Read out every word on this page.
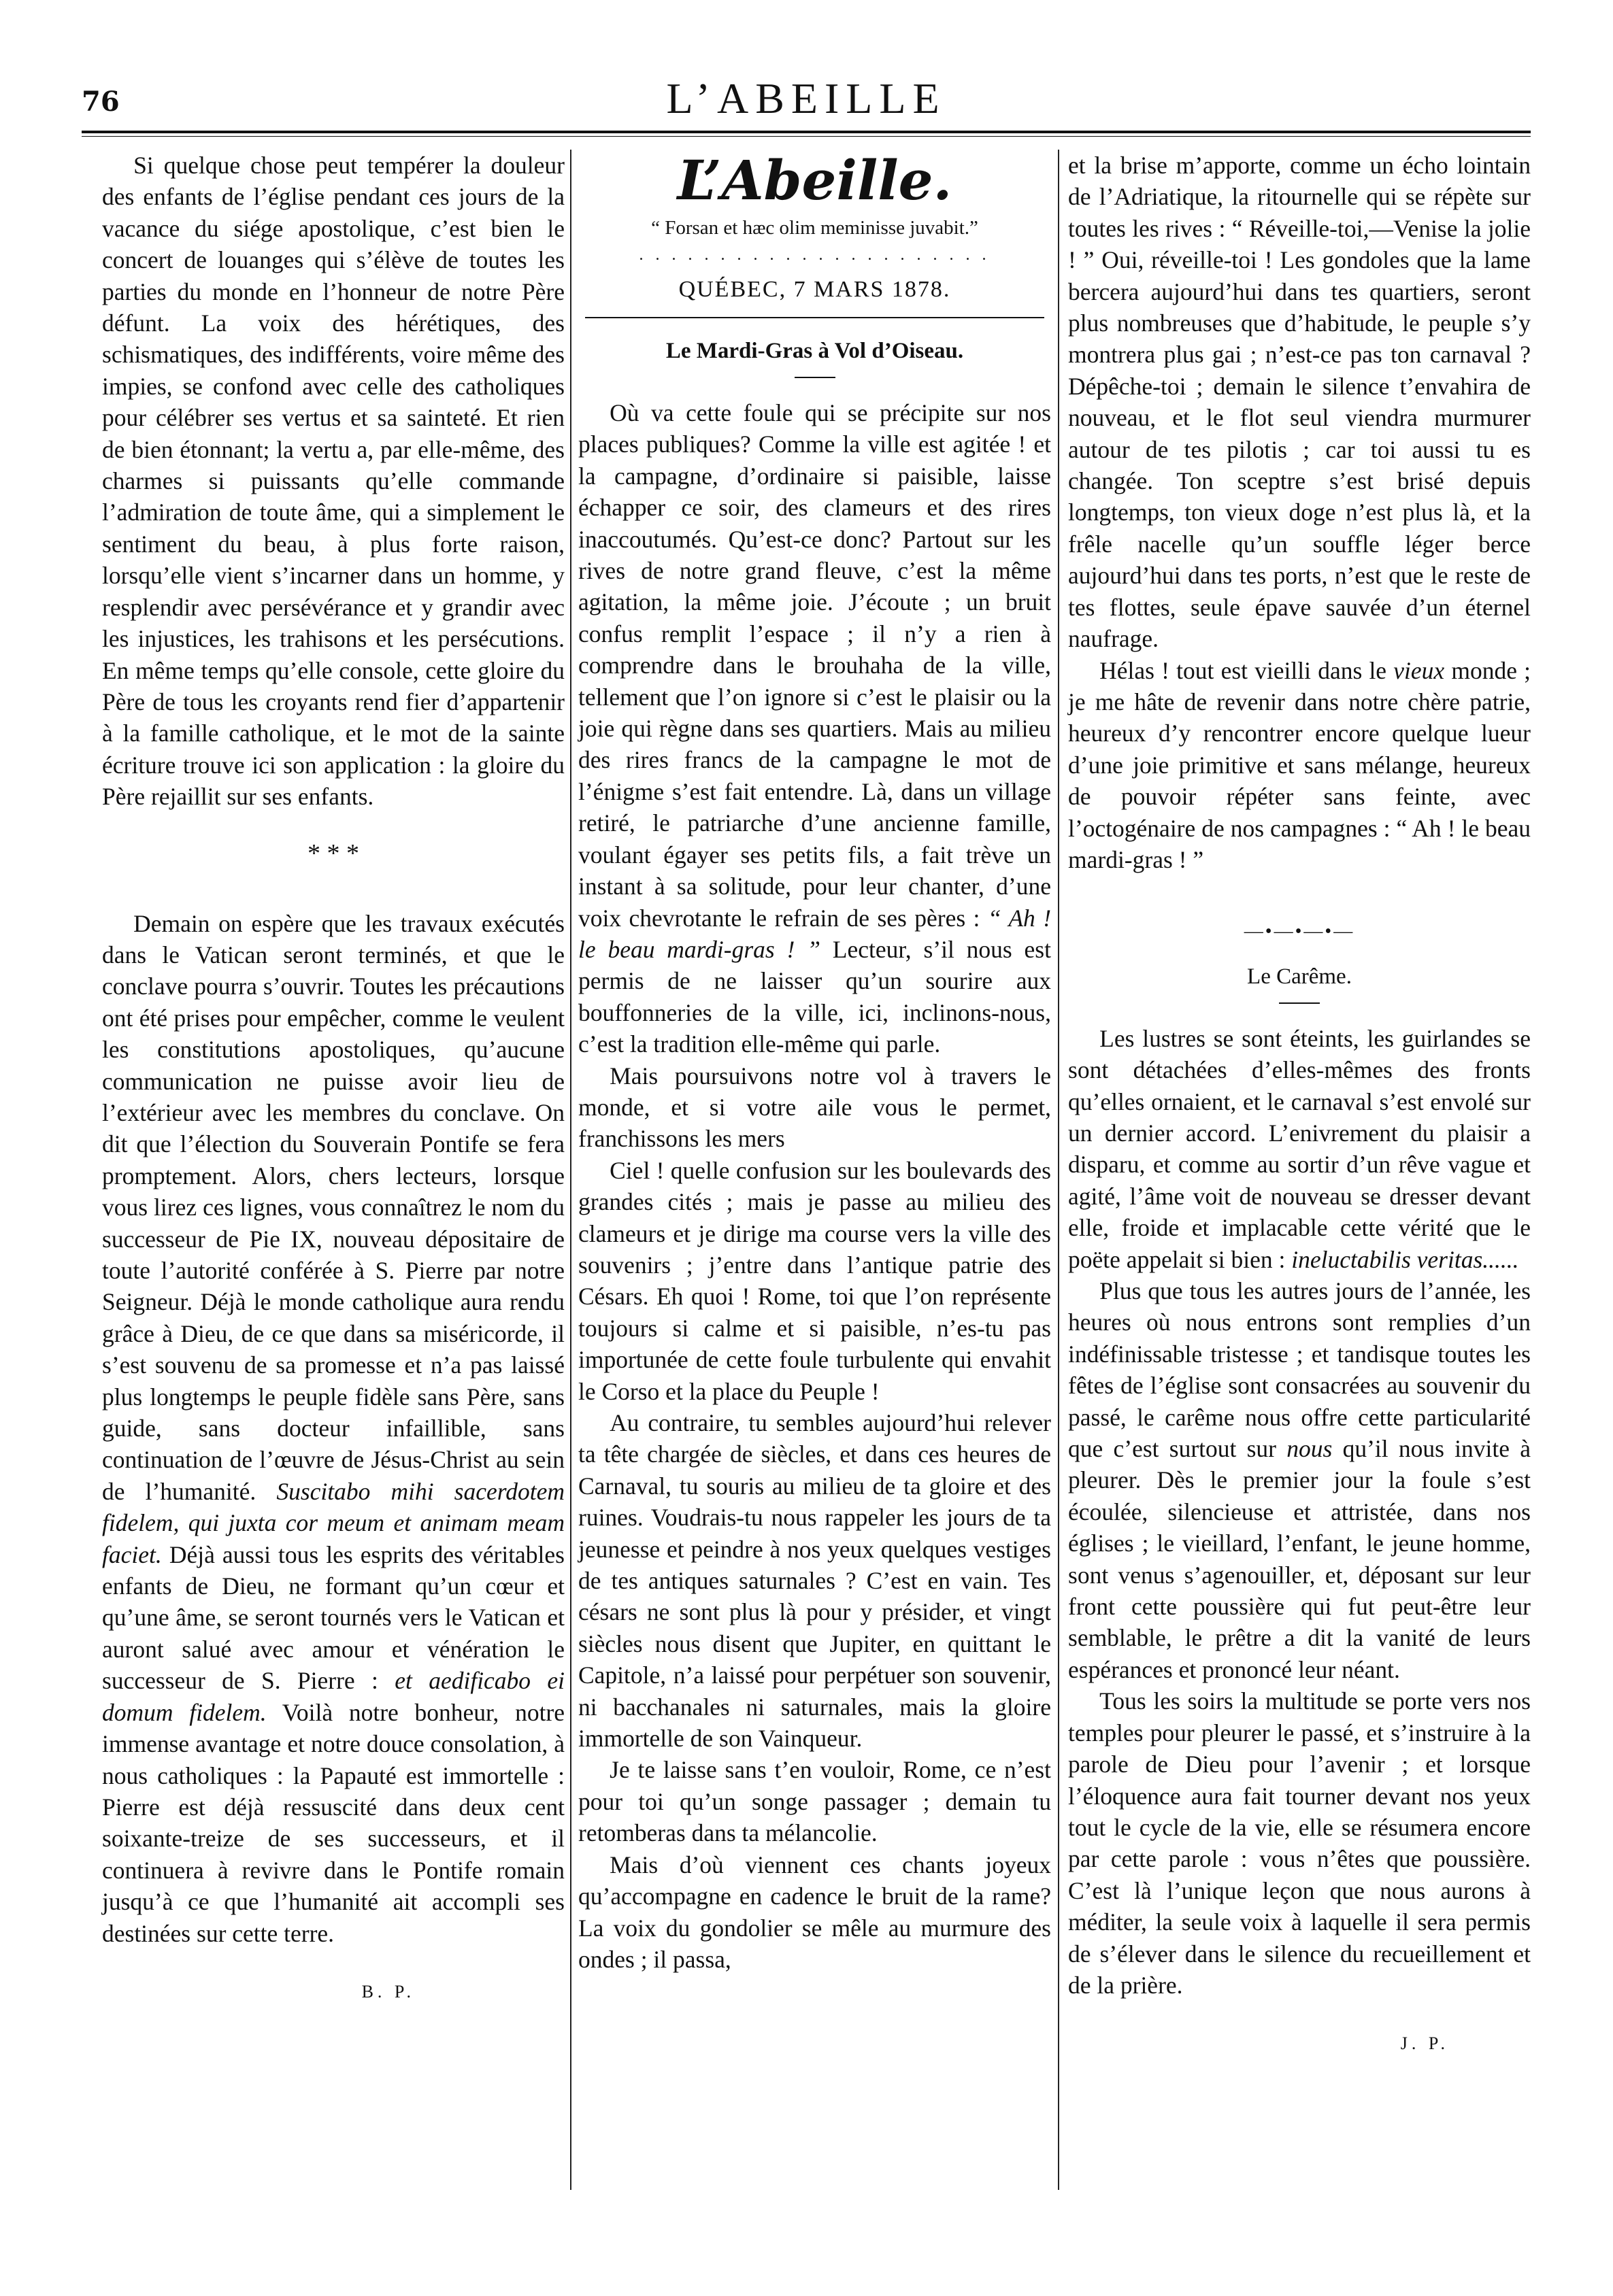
76	L’ABEILLE

Si quelque chose peut tempérer la douleur des enfants de l’église pendant ces jours de la vacance du siége apostolique, c’est bien le concert de louanges qui s’élève de toutes les parties du monde en l’honneur de notre Père défunt. La voix des hérétiques, des schismatiques, des indifférents, voire même des impies, se confond avec celle des catholiques pour célébrer ses vertus et sa sainteté. Et rien de bien étonnant; la vertu a, par elle-même, des charmes si puissants qu’elle commande l’admiration de toute âme, qui a simplement le sentiment du beau, à plus forte raison, lorsqu’elle vient s’incarner dans un homme, y resplendir avec persévérance et y grandir avec les injustices, les trahisons et les persécutions. En même temps qu’elle console, cette gloire du Père de tous les croyants rend fier d’appartenir à la famille catholique, et le mot de la sainte écriture trouve ici son application : la gloire du Père rejaillit sur ses enfants.

* * *

Demain on espère que les travaux exécutés dans le Vatican seront terminés, et que le conclave pourra s’ouvrir. Toutes les précautions ont été prises pour empêcher, comme le veulent les constitutions apostoliques, qu’aucune communication ne puisse avoir lieu de l’extérieur avec les membres du conclave. On dit que l’élection du Souverain Pontife se fera promptement. Alors, chers lecteurs, lorsque vous lirez ces lignes, vous connaîtrez le nom du successeur de Pie IX, nouveau dépositaire de toute l’autorité conférée à S. Pierre par notre Seigneur. Déjà le monde catholique aura rendu grâce à Dieu, de ce que dans sa miséricorde, il s’est souvenu de sa promesse et n’a pas laissé plus longtemps le peuple fidèle sans Père, sans guide, sans docteur infaillible, sans continuation de l’œuvre de Jésus-Christ au sein de l’humanité. Suscitabo mihi sacerdotem fidelem, qui juxta cor meum et animam meam faciet. Déjà aussi tous les esprits des véritables enfants de Dieu, ne formant qu’un cœur et qu’une âme, se seront tournés vers le Vatican et auront salué avec amour et vénération le successeur de S. Pierre : et aedificabo ei domum fidelem. Voilà notre bonheur, notre immense avantage et notre douce consolation, à nous catholiques : la Papauté est immortelle : Pierre est déjà ressuscité dans deux cent soixante-treize de ses successeurs, et il continuera à revivre dans le Pontife romain jusqu’à ce que l’humanité ait accompli ses destinées sur cette terre.

B. P.
L’Abeille.
“ Forsan et hæc olim meminisse juvabit.”
. . . . . . . . . . . . . . . . . . . . . .
QUÉBEC, 7 MARS 1878.
Le Mardi-Gras à Vol d’Oiseau.

Où va cette foule qui se précipite sur nos places publiques? Comme la ville est agitée ! et la campagne, d’ordinaire si paisible, laisse échapper ce soir, des clameurs et des rires inaccoutumés. Qu’est-ce donc? Partout sur les rives de notre grand fleuve, c’est la même agitation, la même joie. J’écoute ; un bruit confus remplit l’espace ; il n’y a rien à comprendre dans le brouhaha de la ville, tellement que l’on ignore si c’est le plaisir ou la joie qui règne dans ses quartiers. Mais au milieu des rires francs de la campagne le mot de l’énigme s’est fait entendre. Là, dans un village retiré, le patriarche d’une ancienne famille, voulant égayer ses petits fils, a fait trève un instant à sa solitude, pour leur chanter, d’une voix chevrotante le refrain de ses pères : “ Ah ! le beau mardi-gras ! ” Lecteur, s’il nous est permis de ne laisser qu’un sourire aux bouffonneries de la ville, ici, inclinons-nous, c’est la tradition elle-même qui parle.

Mais poursuivons notre vol à travers le monde, et si votre aile vous le permet, franchissons les mers

Ciel ! quelle confusion sur les boulevards des grandes cités ; mais je passe au milieu des clameurs et je dirige ma course vers la ville des souvenirs ; j’entre dans l’antique patrie des Césars. Eh quoi ! Rome, toi que l’on représente toujours si calme et si paisible, n’es-tu pas importunée de cette foule turbulente qui envahit le Corso et la place du Peuple !

Au contraire, tu sembles aujourd’hui relever ta tête chargée de siècles, et dans ces heures de Carnaval, tu souris au milieu de ta gloire et des ruines. Voudrais-tu nous rappeler les jours de ta jeunesse et peindre à nos yeux quelques vestiges de tes antiques saturnales ? C’est en vain. Tes césars ne sont plus là pour y présider, et vingt siècles nous disent que Jupiter, en quittant le Capitole, n’a laissé pour perpétuer son souvenir, ni bacchanales ni saturnales, mais la gloire immortelle de son Vainqueur.

Je te laisse sans t’en vouloir, Rome, ce n’est pour toi qu’un songe passager ; demain tu retomberas dans ta mélancolie.

Mais d’où viennent ces chants joyeux qu’accompagne en cadence le bruit de la rame? La voix du gondolier se mêle au murmure des ondes ; il passa,

et la brise m’apporte, comme un écho lointain de l’Adriatique, la ritournelle qui se répète sur toutes les rives : “ Réveille-toi,—Venise la jolie ! ” Oui, réveille-toi ! Les gondoles que la lame bercera aujourd’hui dans tes quartiers, seront plus nombreuses que d’habitude, le peuple s’y montrera plus gai ; n’est-ce pas ton carnaval ? Dépêche-toi ; demain le silence t’envahira de nouveau, et le flot seul viendra murmurer autour de tes pilotis ; car toi aussi tu es changée. Ton sceptre s’est brisé depuis longtemps, ton vieux doge n’est plus là, et la frêle nacelle qu’un souffle léger berce aujourd’hui dans tes ports, n’est que le reste de tes flottes, seule épave sauvée d’un éternel naufrage.

Hélas ! tout est vieilli dans le vieux monde ; je me hâte de revenir dans notre chère patrie, heureux d’y rencontrer encore quelque lueur d’une joie primitive et sans mélange, heureux de pouvoir répéter sans feinte, avec l’octogénaire de nos campagnes : “ Ah ! le beau mardi-gras ! ”

—•—•—•—
Le Carême.

Les lustres se sont éteints, les guirlandes se sont détachées d’elles-mêmes des fronts qu’elles ornaient, et le carnaval s’est envolé sur un dernier accord. L’enivrement du plaisir a disparu, et comme au sortir d’un rêve vague et agité, l’âme voit de nouveau se dresser devant elle, froide et implacable cette vérité que le poëte appelait si bien : ineluctabilis veritas......

Plus que tous les autres jours de l’année, les heures où nous entrons sont remplies d’un indéfinissable tristesse ; et tandisque toutes les fêtes de l’église sont consacrées au souvenir du passé, le carême nous offre cette particularité que c’est surtout sur nous qu’il nous invite à pleurer. Dès le premier jour la foule s’est écoulée, silencieuse et attristée, dans nos églises ; le vieillard, l’enfant, le jeune homme, sont venus s’agenouiller, et, déposant sur leur front cette poussière qui fut peut-être leur semblable, le prêtre a dit la vanité de leurs espérances et prononcé leur néant.

Tous les soirs la multitude se porte vers nos temples pour pleurer le passé, et s’instruire à la parole de Dieu pour l’avenir ; et lorsque l’éloquence aura fait tourner devant nos yeux tout le cycle de la vie, elle se résumera encore par cette parole : vous n’êtes que poussière. C’est là l’unique leçon que nous aurons à méditer, la seule voix à laquelle il sera permis de s’élever dans le silence du recueillement et de la prière.

J. P.
